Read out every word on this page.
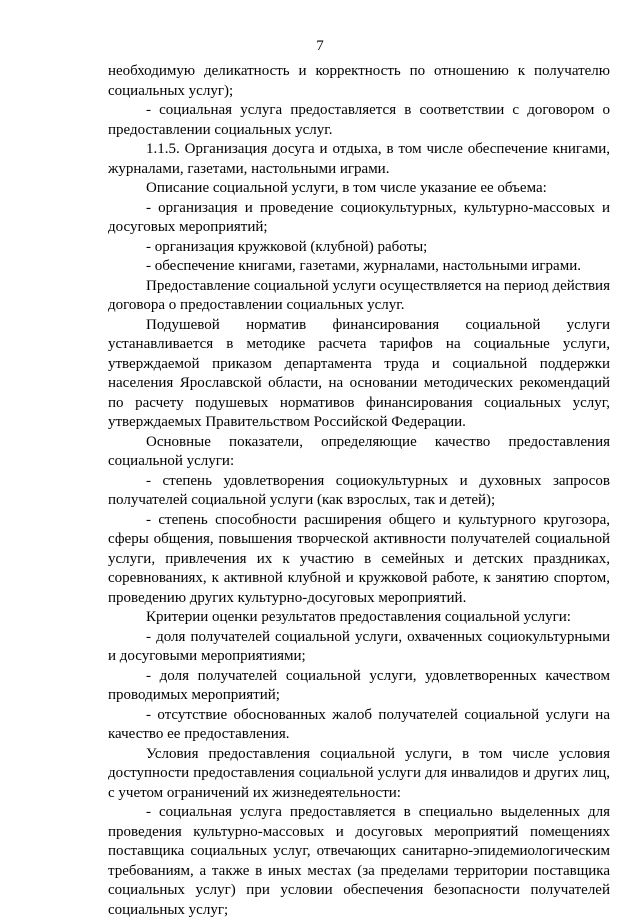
7

необходимую деликатность и корректность по отношению к получателю социальных услуг);

- социальная услуга предоставляется в соответствии с договором о предоставлении социальных услуг.

1.1.5. Организация досуга и отдыха, в том числе обеспечение книгами, журналами, газетами, настольными играми.

Описание социальной услуги, в том числе указание ее объема:

- организация и проведение социокультурных, культурно-массовых и досуговых мероприятий;

- организация кружковой (клубной) работы;

- обеспечение книгами, газетами, журналами, настольными играми.

Предоставление социальной услуги осуществляется на период действия договора о предоставлении социальных услуг.

Подушевой норматив финансирования социальной услуги устанавливается в методике расчета тарифов на социальные услуги, утверждаемой приказом департамента труда и социальной поддержки населения Ярославской области, на основании методических рекомендаций по расчету подушевых нормативов финансирования социальных услуг, утверждаемых Правительством Российской Федерации.

Основные показатели, определяющие качество предоставления социальной услуги:

- степень удовлетворения социокультурных и духовных запросов получателей социальной услуги (как взрослых, так и детей);

- степень способности расширения общего и культурного кругозора, сферы общения, повышения творческой активности получателей социальной услуги, привлечения их к участию в семейных и детских праздниках, соревнованиях, к активной клубной и кружковой работе, к занятию спортом, проведению других культурно-досуговых мероприятий.

Критерии оценки результатов предоставления социальной услуги:

- доля получателей социальной услуги, охваченных социокультурными и досуговыми мероприятиями;

- доля получателей социальной услуги, удовлетворенных качеством проводимых мероприятий;

- отсутствие обоснованных жалоб получателей социальной услуги на качество ее предоставления.

Условия предоставления социальной услуги, в том числе условия доступности предоставления социальной услуги для инвалидов и других лиц, с учетом ограничений их жизнедеятельности:

- социальная услуга предоставляется в специально выделенных для проведения культурно-массовых и досуговых мероприятий помещениях поставщика социальных услуг, отвечающих санитарно-эпидемиологическим требованиям, а также в иных местах (за пределами территории поставщика социальных услуг) при условии обеспечения безопасности получателей социальных услуг;
